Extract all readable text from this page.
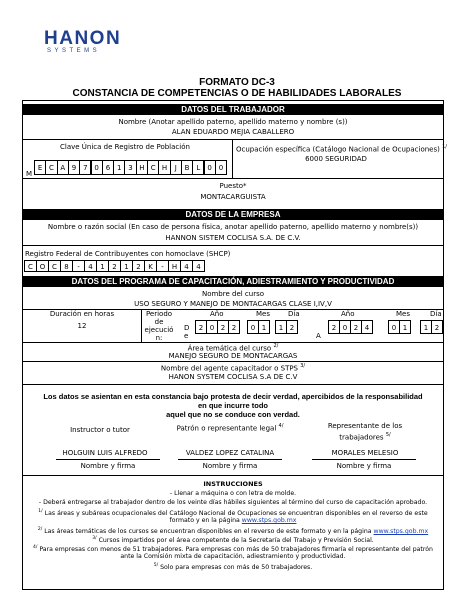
HANON
SYSTEMS
FORMATO DC-3
CONSTANCIA DE COMPETENCIAS O DE HABILIDADES LABORALES
DATOS DEL TRABAJADOR
Nombre (Anotar apellido paterno, apellido materno y nombre (s))
ALAN EDUARDO MEJIA CABALLERO
Clave Única de Registro de Población	Ocupación específica (Catálogo Nacional de Ocupaciones) $^{1/}$
6000 SEGURIDAD
M
E C A 9 7 0 6 1 3 H C H	J	B L	0 0
Puesto*
MONTACARGUISTA
DATOS DE LA EMPRESA
Nombre o razón social (En caso de persona física, anotar apellido paterno, apellido materno y nombre(s))
HANNON SISTEM COCLISA S.A. DE C.V.
Registro Federal de Contribuyentes con homoclave (SHCP)
C O C	8	-	4	1	2	1	2	K	-	H	4	4
DATOS DEL PROGRAMA DE CAPACITACIÓN, ADIESTRAMIENTO Y PRODUCTIVIDAD
Nombre del curso
USO SEGURO Y MANEJO DE MONTACARGAS CLASE I,IV,V
Duración en horas
12
Periodo
de
ejecució
n:
D
e	A
Año	Mes	Día	Año	Mes	Día
2 0 2 2	0 1	1 2	2 0 2 4	0 1	1 2
Área temática del curso $^{2/}$
MANEJO SEGURO DE MONTACARGAS
Nombre del agente capacitador o STPS $^{3/}$
HANON SYSTEM COCLISA S.A DE C.V
Los datos se asientan en esta constancia bajo protesta de decir verdad, apercibidos de la responsabilidad
en que incurre todo
aquel que no se conduce con verdad.
Instructor o tutor	Patrón o representante legal $^{4/}$	Representante de los
trabajadores $^{5/}$
HOLGUIN LUIS ALFREDO	VALDEZ LOPEZ CATALINA	MORALES MELESIO
Nombre y firma	Nombre y firma	Nombre y firma
INSTRUCCIONES
- Llenar a máquina o con letra de molde.
- Deberá entregarse al trabajador dentro de los veinte días hábiles siguientes al término del curso de capacitación aprobado.
$^{1/}$ Las áreas y subáreas ocupacionales del Catálogo Nacional de Ocupaciones se encuentran disponibles en el reverso de este
formato y en la página www.stps.gob.mx
$^{2/}$ Las áreas temáticas de los cursos se encuentran disponibles en el reverso de este formato y en la página www.stps.gob.mx
$^{3/}$ Cursos impartidos por el área competente de la Secretaría del Trabajo y Previsión Social.
$^{4/}$ Para empresas con menos de 51 trabajadores. Para empresas con más de 50 trabajadores firmaría el representante del patrón
ante la Comisión mixta de capacitación, adiestramiento y productividad.
$^{5/}$ Solo para empresas con más de 50 trabajadores.
